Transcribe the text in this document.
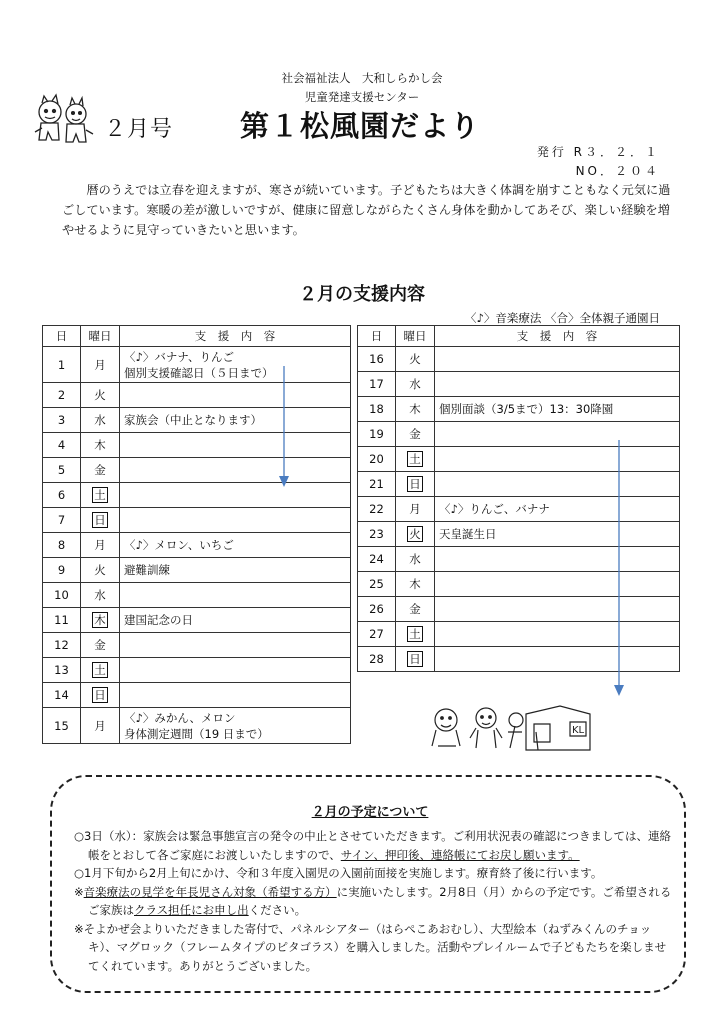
社会福祉法人　大和しらかし会
児童発達支援センター
２月号 第１松風園だより
発行 R３．２．１
NO．２０４

暦のうえでは立春を迎えますが、寒さが続いています。子どもたちは大きく体調を崩すこともなく元気に過ごしています。寒暖の差が激しいですが、健康に留意しながらたくさん身体を動かしてあそび、楽しい経験を増やせるように見守っていきたいと思います。

２月の支援内容
〈♪〉音楽療法 〈合〉全体親子通園日
日	曜日	支　援　内　容
1	月	〈♪〉バナナ、りんご
個別支援確認日（５日まで）

2	火	
3	水	家族会（中止となります）

4	木	
5	金	
6	土	
7	日	
8	月	〈♪〉メロン、いちご

9	火	避難訓練

10	水	
11	木	建国記念の日

12	金	
13	土	
14	日	
15	月	〈♪〉みかん、メロン
身体測定週間（19 日まで）
日	曜日	支　援　内　容
16	火	
17	水	
18	木	個別面談（3/5まで）13：30降園

19	金	
20	土	
21	日	
22	月	〈♪〉りんご、バナナ

23	火	天皇誕生日

24	水	
25	木	
26	金	
27	土	
28	日	
KL
２月の予定について

○3日（水）：家族会は緊急事態宣言の発令の中止とさせていただきます。ご利用状況表の確認につきましては、連絡帳をとおして各ご家庭にお渡しいたしますので、サイン、押印後、連絡帳にてお戻し願います。

○1月下旬から2月上旬にかけ、令和３年度入園児の入園前面接を実施します。療育終了後に行います。

※音楽療法の見学を年長児さん対象（希望する方）に実施いたします。2月8日（月）からの予定です。ご希望されるご家族はクラス担任にお申し出ください。

※そよかぜ会よりいただきました寄付で、パネルシアター（はらぺこあおむし）、大型絵本（ねずみくんのチョッキ）、マグロック（フレームタイプのピタゴラス）を購入しました。活動やプレイルームで子どもたちを楽しませてくれています。ありがとうございました。
